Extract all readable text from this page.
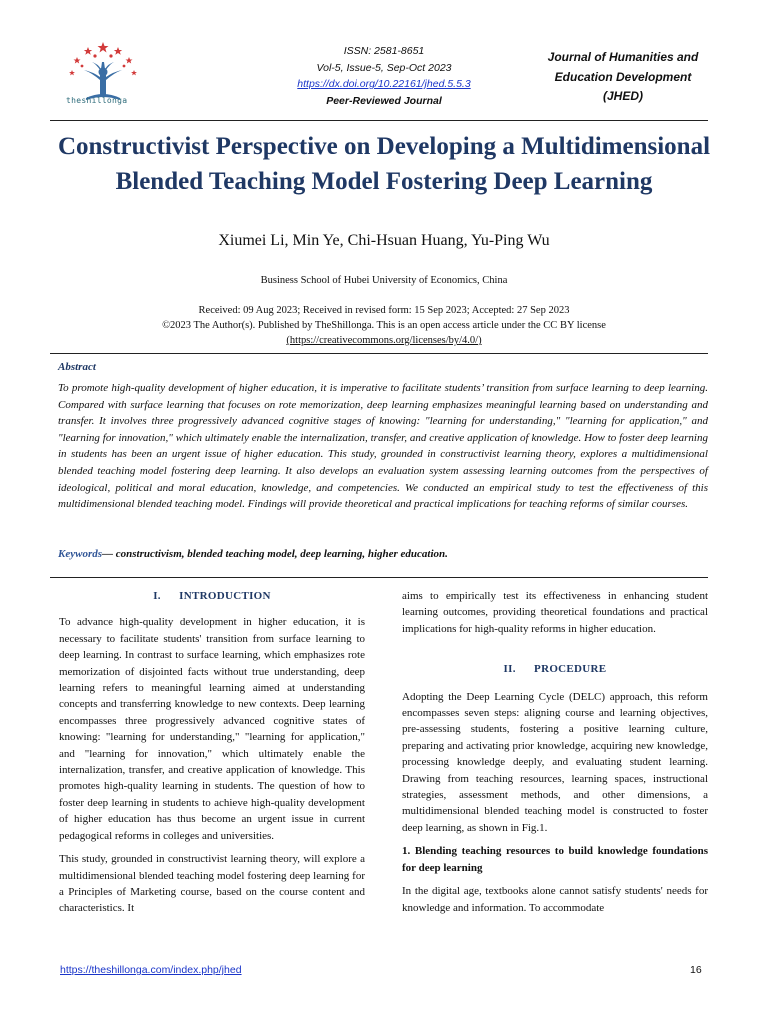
theshillonga
ISSN: 2581-8651
Vol-5, Issue-5, Sep-Oct 2023
https://dx.doi.org/10.22161/jhed.5.5.3
Peer-Reviewed Journal
Journal of Humanities and
Education Development
(JHED)
Constructivist Perspective on Developing a Multidimensional Blended Teaching Model Fostering Deep Learning
Xiumei Li, Min Ye, Chi-Hsuan Huang, Yu-Ping Wu
Business School of Hubei University of Economics, China
Received: 09 Aug 2023; Received in revised form: 15 Sep 2023; Accepted: 27 Sep 2023
©2023 The Author(s). Published by TheShillonga. This is an open access article under the CC BY license
(https://creativecommons.org/licenses/by/4.0/)
Abstract
To promote high-quality development of higher education, it is imperative to facilitate students’ transition from surface learning to deep learning. Compared with surface learning that focuses on rote memorization, deep learning emphasizes meaningful learning based on understanding and transfer. It involves three progressively advanced cognitive stages of knowing: "learning for understanding," "learning for application," and "learning for innovation," which ultimately enable the internalization, transfer, and creative application of knowledge. How to foster deep learning in students has been an urgent issue of higher education. This study, grounded in constructivist learning theory, explores a multidimensional blended teaching model fostering deep learning. It also develops an evaluation system assessing learning outcomes from the perspectives of ideological, political and moral education, knowledge, and competencies. We conducted an empirical study to test the effectiveness of this multidimensional blended teaching model. Findings will provide theoretical and practical implications for teaching reforms of similar courses.
Keywords— constructivism, blended teaching model, deep learning, higher education.
I.      INTRODUCTION

To advance high-quality development in higher education, it is necessary to facilitate students' transition from surface learning to deep learning. In contrast to surface learning, which emphasizes rote memorization of disjointed facts without true understanding, deep learning refers to meaningful learning aimed at understanding concepts and transferring knowledge to new contexts. Deep learning encompasses three progressively advanced cognitive states of knowing: "learning for understanding," "learning for application," and "learning for innovation," which ultimately enable the internalization, transfer, and creative application of knowledge. This promotes high-quality learning in students. The question of how to foster deep learning in students to achieve high-quality development of higher education has thus become an urgent issue in current pedagogical reforms in colleges and universities.

This study, grounded in constructivist learning theory, will explore a multidimensional blended teaching model fostering deep learning for a Principles of Marketing course, based on the course content and characteristics. It

aims to empirically test its effectiveness in enhancing student learning outcomes, providing theoretical foundations and practical implications for high-quality reforms in higher education.

II.      PROCEDURE

Adopting the Deep Learning Cycle (DELC) approach, this reform encompasses seven steps: aligning course and learning objectives, pre-assessing students, fostering a positive learning culture, preparing and activating prior knowledge, acquiring new knowledge, processing knowledge deeply, and evaluating student learning. Drawing from teaching resources, learning spaces, instructional strategies, assessment methods, and other dimensions, a multidimensional blended teaching model is constructed to foster deep learning, as shown in Fig.1.

1. Blending teaching resources to build knowledge foundations for deep learning

In the digital age, textbooks alone cannot satisfy students' needs for knowledge and information. To accommodate

https://theshillonga.com/index.php/jhed	16
